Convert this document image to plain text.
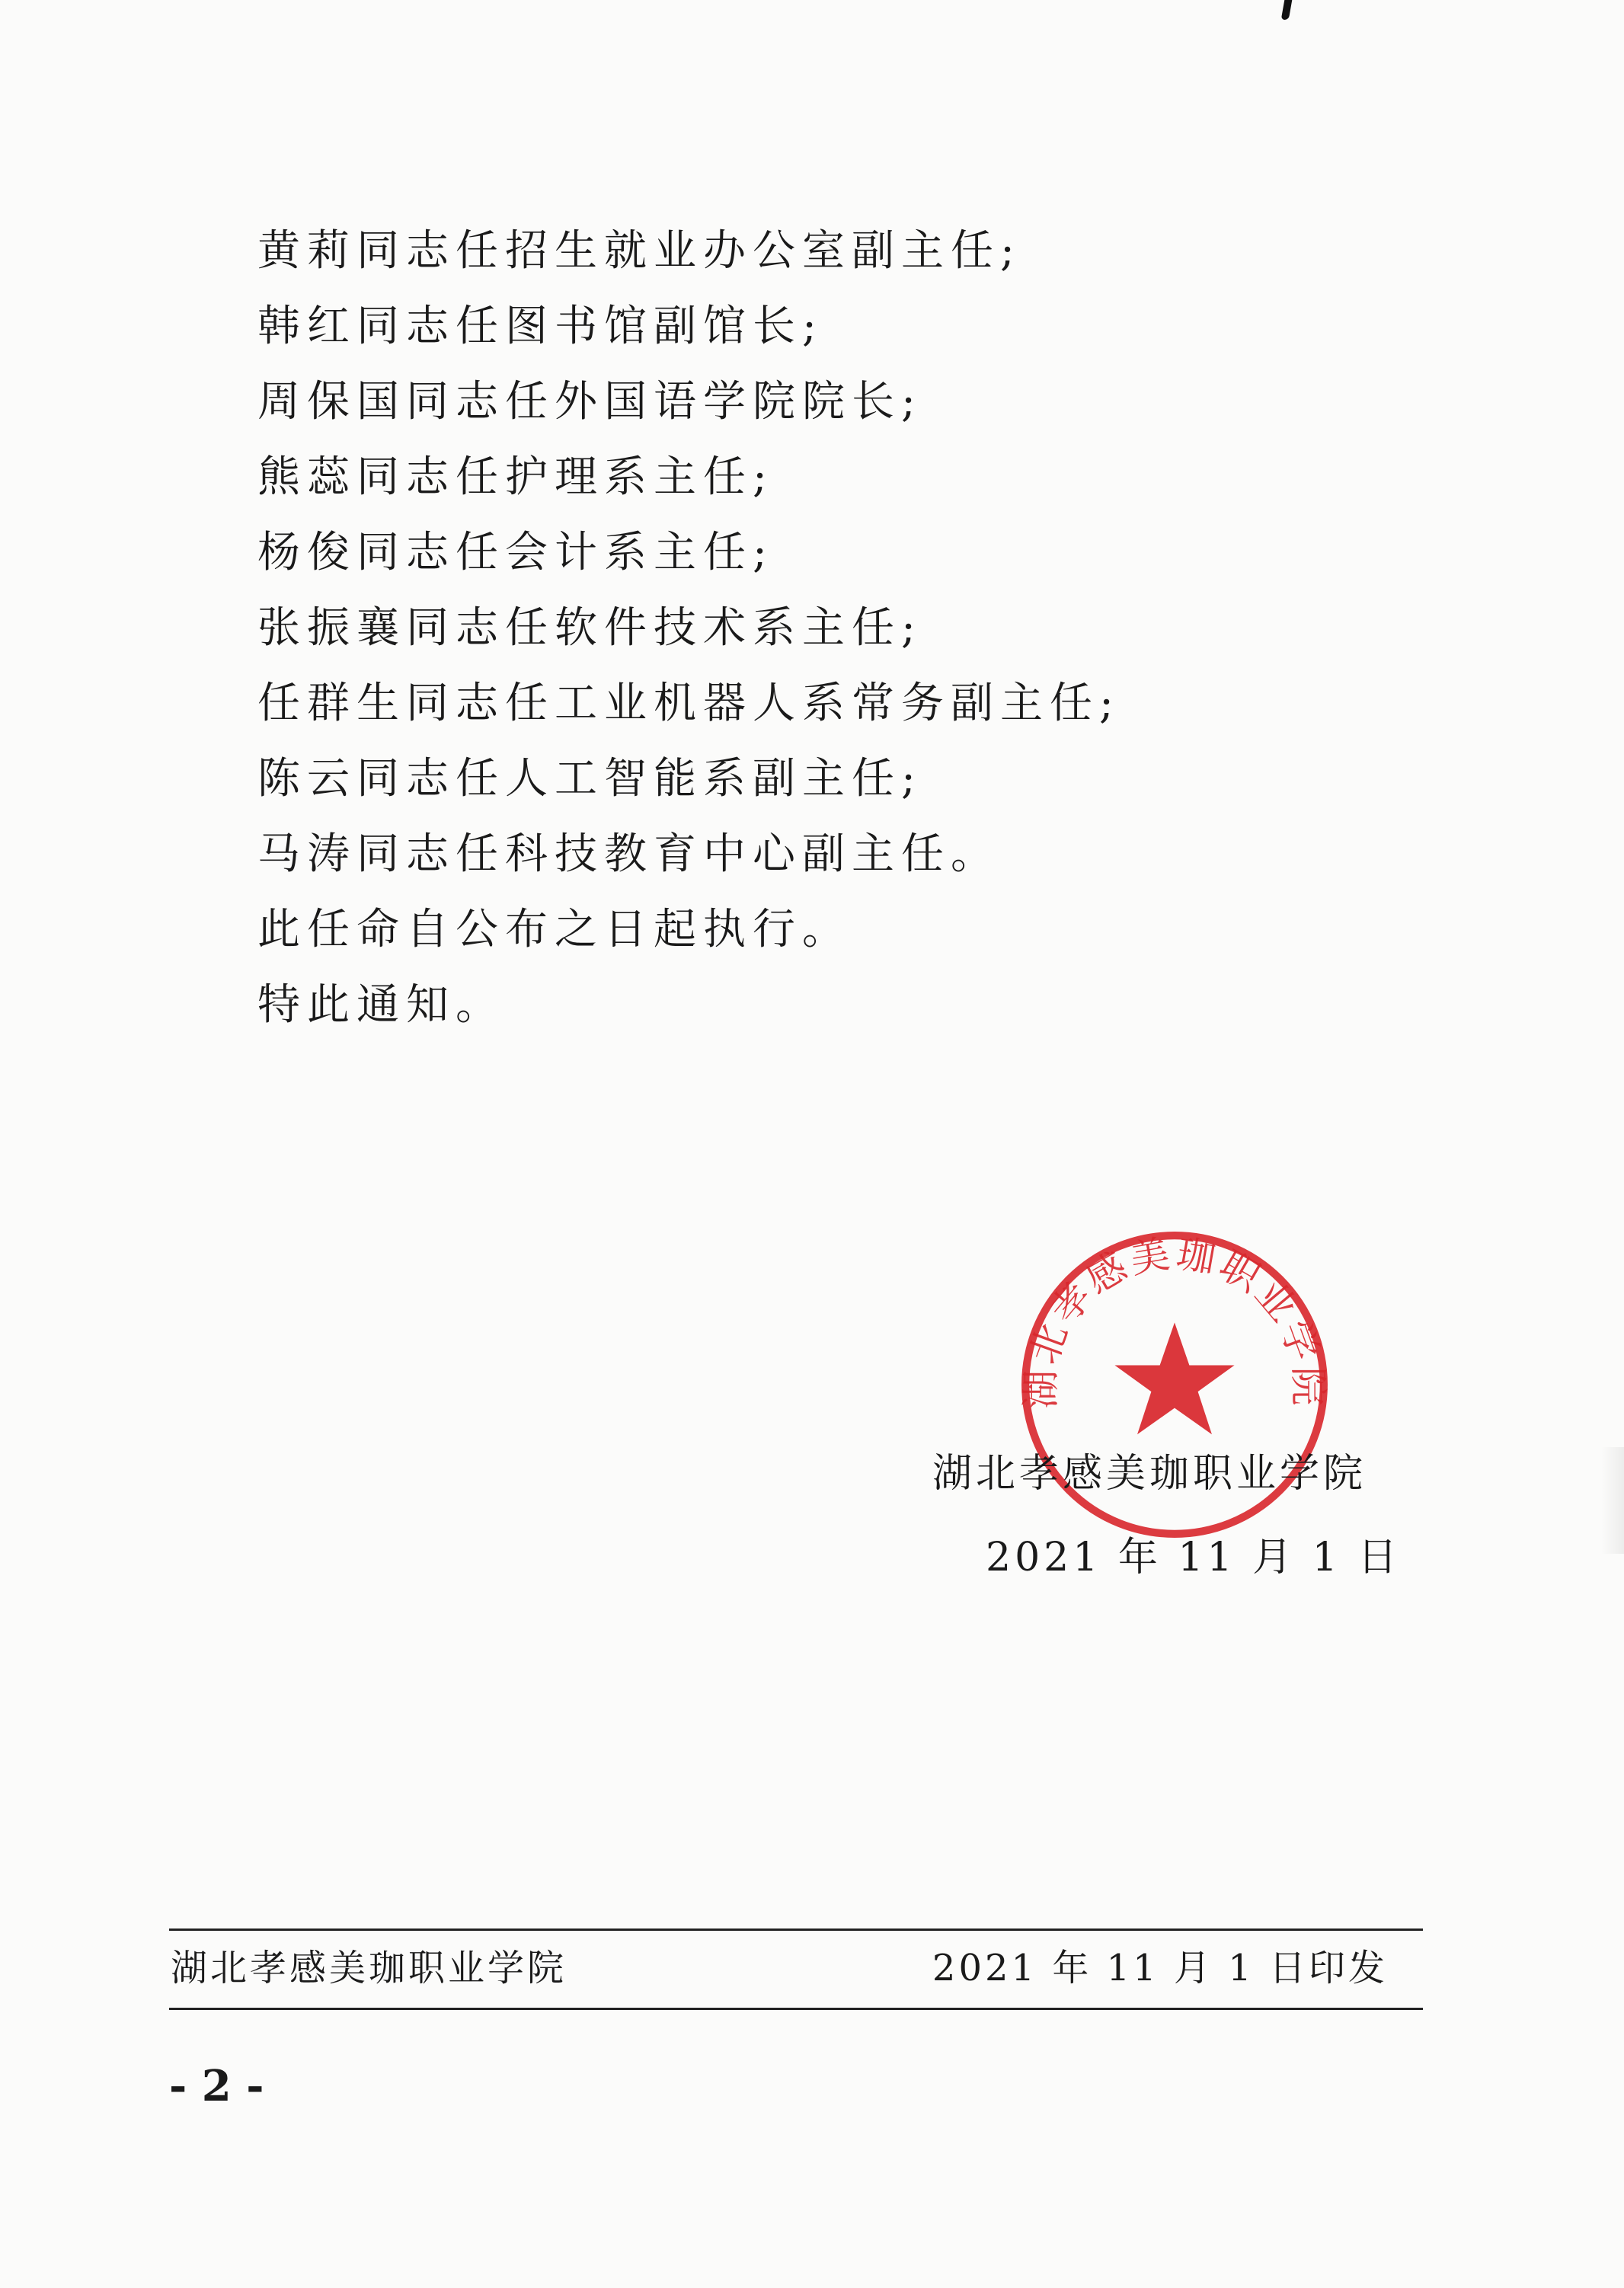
黄莉同志任招生就业办公室副主任;
韩红同志任图书馆副馆长;
周保国同志任外国语学院院长;
熊蕊同志任护理系主任;
杨俊同志任会计系主任;
张振襄同志任软件技术系主任;
任群生同志任工业机器人系常务副主任;
陈云同志任人工智能系副主任;
马涛同志任科技教育中心副主任。
此任命自公布之日起执行。
特此通知。
湖北孝感美珈职业学院
湖北孝感美珈职业学院
2021 年 11 月 1 日
湖北孝感美珈职业学院	2021 年 11 月 1 日印发
- 2 -
